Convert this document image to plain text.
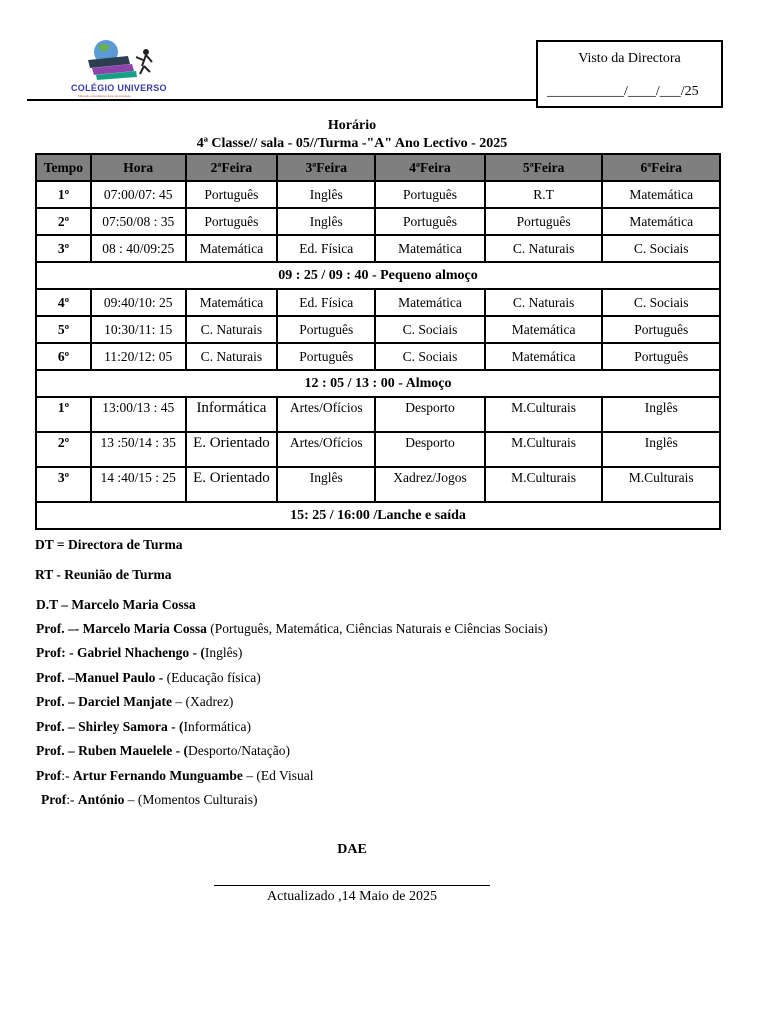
COLÉGIO UNIVERSO
Educação e excelência a favor da sociedade
Visto da Directora
___________/____/___/25
Horário
4ª Classe// sala - 05//Turma -"A" Ano Lectivo - 2025
Tempo	Hora	2ªFeira	3ªFeira	4ªFeira	5ªFeira	6ªFeira
1º	07:00/07: 45	Português	Inglês	Português	R.T	Matemática
2º	07:50/08 : 35	Português	Inglês	Português	Português	Matemática
3º	08 : 40/09:25	Matemática	Ed. Física	Matemática	C. Naturais	C. Sociais
09 : 25 / 09 : 40 - Pequeno almoço						
4º	09:40/10: 25	Matemática	Ed. Física	Matemática	C. Naturais	C. Sociais
5º	10:30/11: 15	C. Naturais	Português	C. Sociais	Matemática	Português
6º	11:20/12: 05	C. Naturais	Português	C. Sociais	Matemática	Português
12 : 05 / 13 : 00 - Almoço						
1º	13:00/13 : 45	Informática	Artes/Ofícios	Desporto	M.Culturais	Inglês
2º	13 :50/14 : 35	E. Orientado	Artes/Ofícios	Desporto	M.Culturais	Inglês
3º	14 :40/15 : 25	E. Orientado	Inglês	Xadrez/Jogos	M.Culturais	M.Culturais
15: 25 / 16:00 /Lanche e saída						
DT = Directora de Turma
RT - Reunião de Turma
D.T – Marcelo Maria Cossa
Prof. –- Marcelo Maria Cossa (Português, Matemática, Ciências Naturais e Ciências Sociais)
Prof: - Gabriel Nhachengo - (Inglês)
Prof. –Manuel Paulo - (Educação física)
Prof. – Darciel Manjate – (Xadrez)
Prof. – Shirley Samora - (Informática)
Prof. – Ruben Mauelele - (Desporto/Natação)
Prof:- Artur Fernando Munguambe – (Ed Visual
Prof:- António – (Momentos Culturais)
DAE
Actualizado ,14 Maio de 2025
